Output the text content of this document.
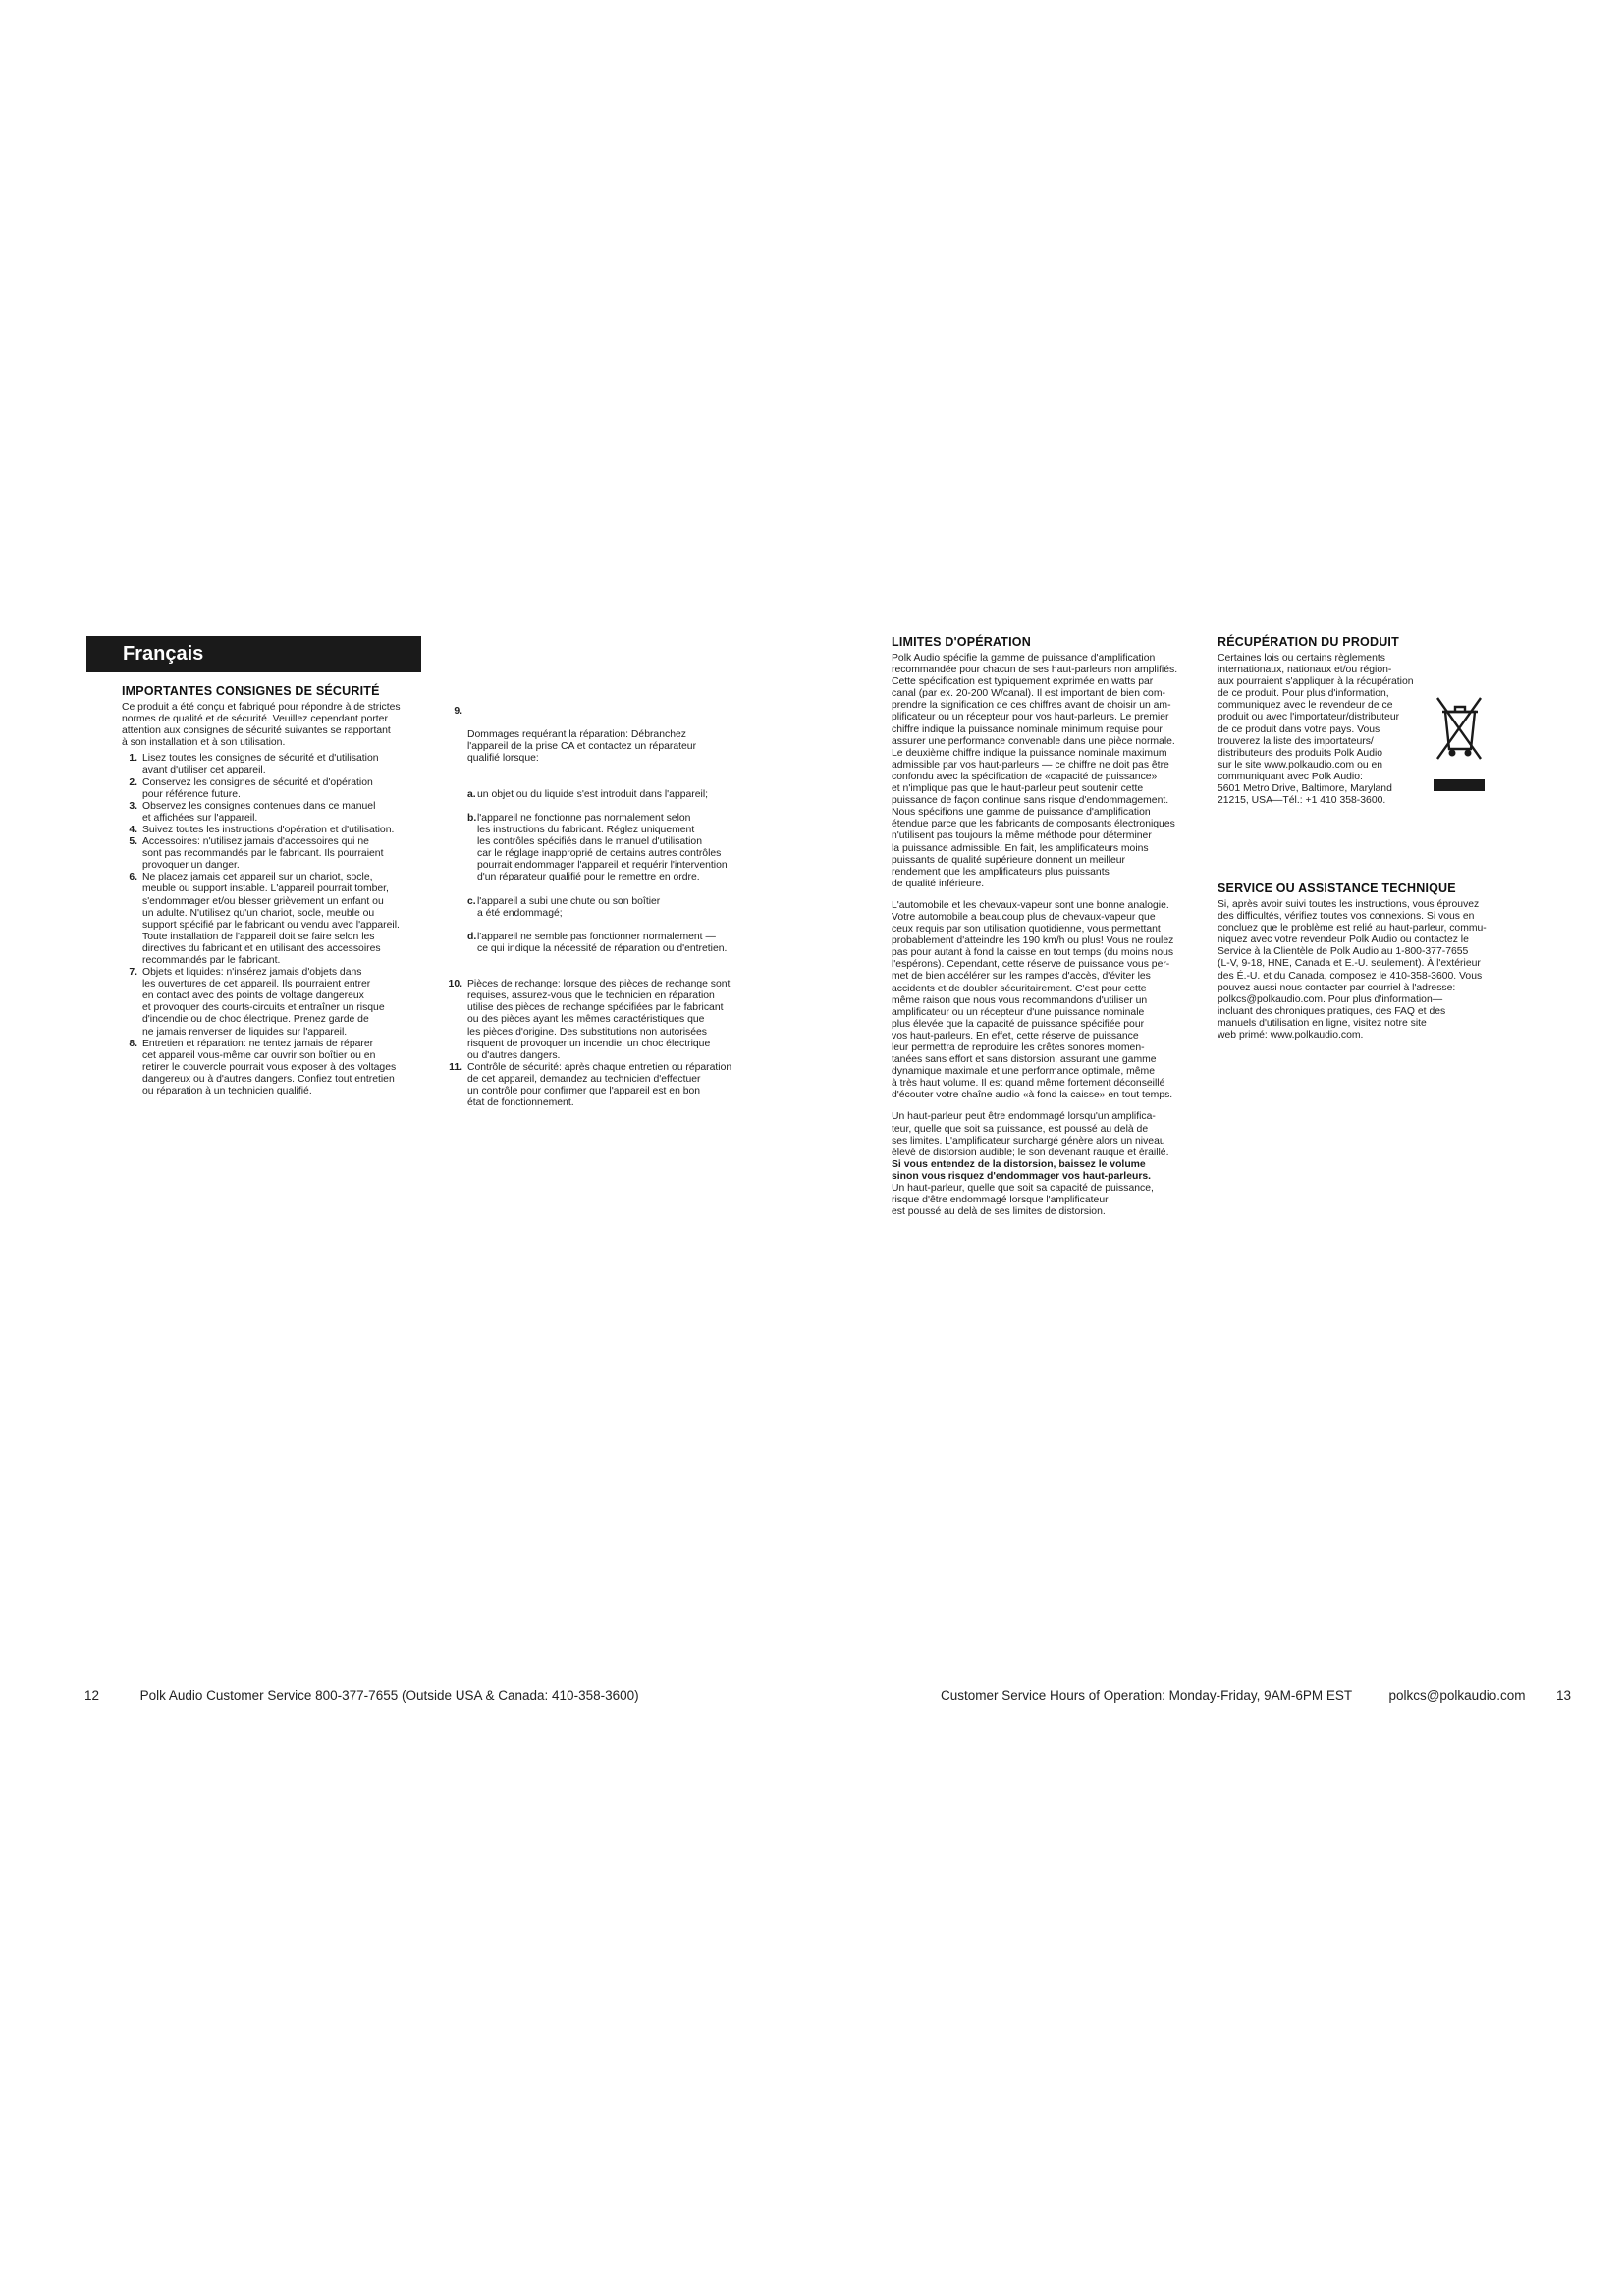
Français
IMPORTANTES CONSIGNES DE SÉCURITÉ

Ce produit a été conçu et fabriqué pour répondre à de strictes
normes de qualité et de sécurité. Veuillez cependant porter
attention aux consignes de sécurité suivantes se rapportant
à son installation et à son utilisation.

1. Lisez toutes les consignes de sécurité et d'utilisation
avant d'utiliser cet appareil.
2. Conservez les consignes de sécurité et d'opération
pour référence future.
3. Observez les consignes contenues dans ce manuel
et affichées sur l'appareil.
4. Suivez toutes les instructions d'opération et d'utilisation.
5. Accessoires: n'utilisez jamais d'accessoires qui ne
sont pas recommandés par le fabricant. Ils pourraient
provoquer un danger.
6. Ne placez jamais cet appareil sur un chariot, socle,
meuble ou support instable. L'appareil pourrait tomber,
s'endommager et/ou blesser grièvement un enfant ou
un adulte. N'utilisez qu'un chariot, socle, meuble ou
support spécifié par le fabricant ou vendu avec l'appareil.
Toute installation de l'appareil doit se faire selon les
directives du fabricant et en utilisant des accessoires
recommandés par le fabricant.
7. Objets et liquides: n'insérez jamais d'objets dans
les ouvertures de cet appareil. Ils pourraient entrer
en contact avec des points de voltage dangereux
et provoquer des courts-circuits et entraîner un risque
d'incendie ou de choc électrique. Prenez garde de
ne jamais renverser de liquides sur l'appareil.
8. Entretien et réparation: ne tentez jamais de réparer
cet appareil vous-même car ouvrir son boîtier ou en
retirer le couvercle pourrait vous exposer à des voltages
dangereux ou à d'autres dangers. Confiez tout entretien
ou réparation à un technicien qualifié.

9.

Dommages requérant la réparation: Débranchez
l'appareil de la prise CA et contactez un réparateur
qualifié lorsque:

a. un objet ou du liquide s'est introduit dans l'appareil;

b. l'appareil ne fonctionne pas normalement selon
les instructions du fabricant. Réglez uniquement
les contrôles spécifiés dans le manuel d'utilisation
car le réglage inapproprié de certains autres contrôles
pourrait endommager l'appareil et requérir l'intervention
d'un réparateur qualifié pour le remettre en ordre.

c. l'appareil a subi une chute ou son boîtier
a été endommagé;

d. l'appareil ne semble pas fonctionner normalement —
ce qui indique la nécessité de réparation ou d'entretien.

10. Pièces de rechange: lorsque des pièces de rechange sont
requises, assurez-vous que le technicien en réparation
utilise des pièces de rechange spécifiées par le fabricant
ou des pièces ayant les mêmes caractéristiques que
les pièces d'origine. Des substitutions non autorisées
risquent de provoquer un incendie, un choc électrique
ou d'autres dangers.
11. Contrôle de sécurité: après chaque entretien ou réparation
de cet appareil, demandez au technicien d'effectuer
un contrôle pour confirmer que l'appareil est en bon
état de fonctionnement.
12	Polk Audio Customer Service 800-377-7655 (Outside USA & Canada: 410-358-3600)
LIMITES D'OPÉRATION

Polk Audio spécifie la gamme de puissance d'amplification
recommandée pour chacun de ses haut-parleurs non amplifiés.
Cette spécification est typiquement exprimée en watts par
canal (par ex. 20-200 W/canal). Il est important de bien com-
prendre la signification de ces chiffres avant de choisir un am-
plificateur ou un récepteur pour vos haut-parleurs. Le premier
chiffre indique la puissance nominale minimum requise pour
assurer une performance convenable dans une pièce normale.
Le deuxième chiffre indique la puissance nominale maximum
admissible par vos haut-parleurs — ce chiffre ne doit pas être
confondu avec la spécification de «capacité de puissance»
et n'implique pas que le haut-parleur peut soutenir cette
puissance de façon continue sans risque d'endommagement.
Nous spécifions une gamme de puissance d'amplification
étendue parce que les fabricants de composants électroniques
n'utilisent pas toujours la même méthode pour déterminer
la puissance admissible. En fait, les amplificateurs moins
puissants de qualité supérieure donnent un meilleur
rendement que les amplificateurs plus puissants
de qualité inférieure.

L'automobile et les chevaux-vapeur sont une bonne analogie.
Votre automobile a beaucoup plus de chevaux-vapeur que
ceux requis par son utilisation quotidienne, vous permettant
probablement d'atteindre les 190 km/h ou plus! Vous ne roulez
pas pour autant à fond la caisse en tout temps (du moins nous
l'espérons). Cependant, cette réserve de puissance vous per-
met de bien accélérer sur les rampes d'accès, d'éviter les
accidents et de doubler sécuritairement. C'est pour cette
même raison que nous vous recommandons d'utiliser un
amplificateur ou un récepteur d'une puissance nominale
plus élevée que la capacité de puissance spécifiée pour
vos haut-parleurs. En effet, cette réserve de puissance
leur permettra de reproduire les crêtes sonores momen-
tanées sans effort et sans distorsion, assurant une gamme
dynamique maximale et une performance optimale, même
à très haut volume. Il est quand même fortement déconseillé
d'écouter votre chaîne audio «à fond la caisse» en tout temps.

Un haut-parleur peut être endommagé lorsqu'un amplifica-
teur, quelle que soit sa puissance, est poussé au delà de
ses limites. L'amplificateur surchargé génère alors un niveau
élevé de distorsion audible; le son devenant rauque et éraillé.
Si vous entendez de la distorsion, baissez le volume
sinon vous risquez d'endommager vos haut-parleurs.
Un haut-parleur, quelle que soit sa capacité de puissance,
risque d'être endommagé lorsque l'amplificateur
est poussé au delà de ses limites de distorsion.

RÉCUPÉRATION DU PRODUIT

Certaines lois ou certains règlements
internationaux, nationaux et/ou région-
aux pourraient s'appliquer à la récupération
de ce produit. Pour plus d'information,
communiquez avec le revendeur de ce
produit ou avec l'importateur/distributeur
de ce produit dans votre pays. Vous
trouverez la liste des importateurs/
distributeurs des produits Polk Audio
sur le site www.polkaudio.com ou en
communiquant avec Polk Audio:
5601 Metro Drive, Baltimore, Maryland
21215, USA—Tél.: +1 410 358-3600.

SERVICE OU ASSISTANCE TECHNIQUE

Si, après avoir suivi toutes les instructions, vous éprouvez
des difficultés, vérifiez toutes vos connexions. Si vous en
concluez que le problème est relié au haut-parleur, commu-
niquez avec votre revendeur Polk Audio ou contactez le
Service à la Clientèle de Polk Audio au 1-800-377-7655
(L-V, 9-18, HNE, Canada et E.-U. seulement). À l'extérieur
des É.-U. et du Canada, composez le 410-358-3600. Vous
pouvez aussi nous contacter par courriel à l'adresse:
polkcs@polkaudio.com. Pour plus d'information—
incluant des chroniques pratiques, des FAQ et des
manuels d'utilisation en ligne, visitez notre site
web primé: www.polkaudio.com.

Customer Service Hours of Operation: Monday-Friday, 9AM-6PM EST	polkcs@polkaudio.com 13
